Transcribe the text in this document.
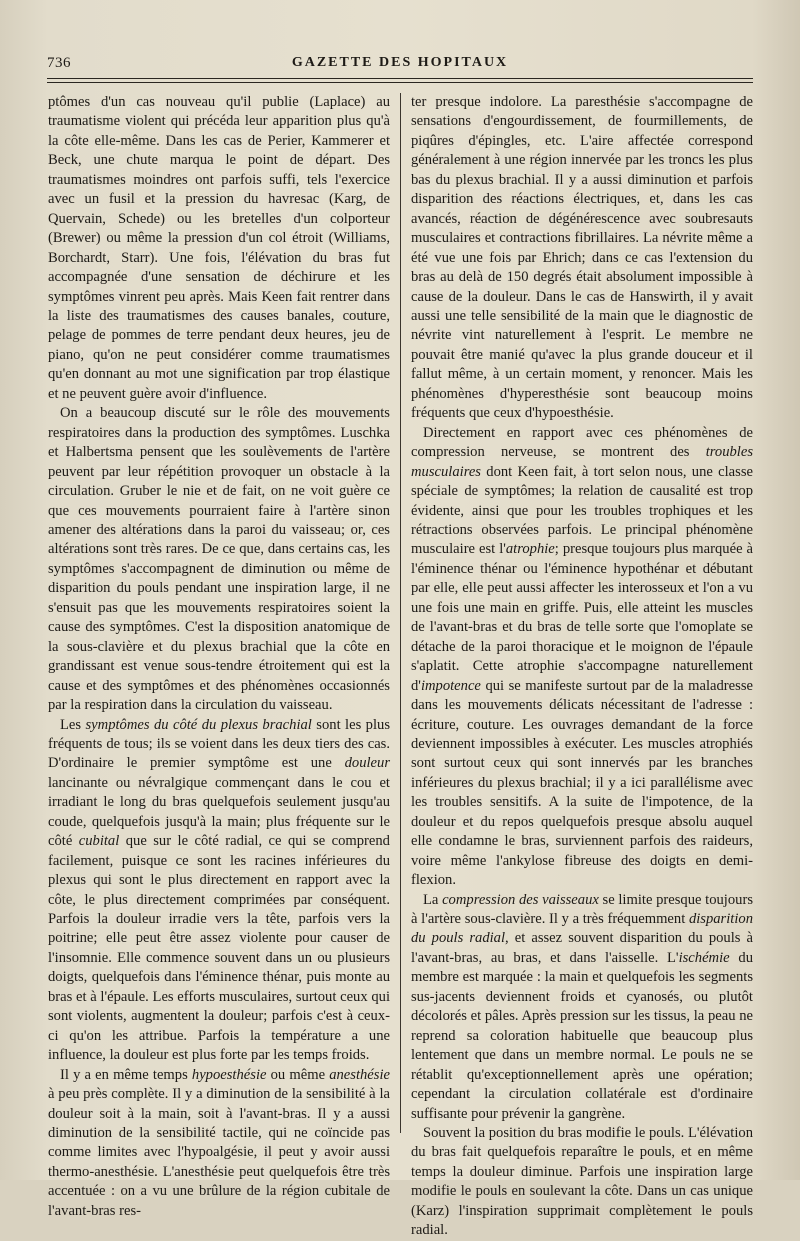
736	GAZETTE DES HOPITAUX

ptômes d'un cas nouveau qu'il publie (Laplace) au traumatisme violent qui précéda leur apparition plus qu'à la côte elle-même. Dans les cas de Perier, Kammerer et Beck, une chute marqua le point de départ. Des traumatismes moindres ont parfois suffi, tels l'exercice avec un fusil et la pression du havresac (Karg, de Quervain, Schede) ou les bretelles d'un colporteur (Brewer) ou même la pression d'un col étroit (Williams, Borchardt, Starr). Une fois, l'élévation du bras fut accompagnée d'une sensation de déchirure et les symptômes vinrent peu après. Mais Keen fait rentrer dans la liste des traumatismes des causes banales, couture, pelage de pommes de terre pendant deux heures, jeu de piano, qu'on ne peut considérer comme traumatismes qu'en donnant au mot une signification par trop élastique et ne peuvent guère avoir d'influence.

On a beaucoup discuté sur le rôle des mouvements respiratoires dans la production des symptômes. Luschka et Halbertsma pensent que les soulèvements de l'artère peuvent par leur répétition provoquer un obstacle à la circulation. Gruber le nie et de fait, on ne voit guère ce que ces mouvements pourraient faire à l'artère sinon amener des altérations dans la paroi du vaisseau; or, ces altérations sont très rares. De ce que, dans certains cas, les symptômes s'accompagnent de diminution ou même de disparition du pouls pendant une inspiration large, il ne s'ensuit pas que les mouvements respiratoires soient la cause des symptômes. C'est la disposition anatomique de la sous-clavière et du plexus brachial que la côte en grandissant est venue sous-tendre étroitement qui est la cause et des symptômes et des phénomènes occasionnés par la respiration dans la circulation du vaisseau.

Les symptômes du côté du plexus brachial sont les plus fréquents de tous; ils se voient dans les deux tiers des cas. D'ordinaire le premier symptôme est une douleur lancinante ou névralgique commençant dans le cou et irradiant le long du bras quelquefois seulement jusqu'au coude, quelquefois jusqu'à la main; plus fréquente sur le côté cubital que sur le côté radial, ce qui se comprend facilement, puisque ce sont les racines inférieures du plexus qui sont le plus directement en rapport avec la côte, le plus directement comprimées par conséquent. Parfois la douleur irradie vers la tête, parfois vers la poitrine; elle peut être assez violente pour causer de l'insomnie. Elle commence souvent dans un ou plusieurs doigts, quelquefois dans l'éminence thénar, puis monte au bras et à l'épaule. Les efforts musculaires, surtout ceux qui sont violents, augmentent la douleur; parfois c'est à ceux-ci qu'on les attribue. Parfois la température a une influence, la douleur est plus forte par les temps froids.

Il y a en même temps hypoesthésie ou même anesthésie à peu près complète. Il y a diminution de la sensibilité à la douleur soit à la main, soit à l'avant-bras. Il y a aussi diminution de la sensibilité tactile, qui ne coïncide pas comme limites avec l'hypoalgésie, il peut y avoir aussi thermo-anesthésie. L'anesthésie peut quelquefois être très accentuée : on a vu une brûlure de la région cubitale de l'avant-bras res-

ter presque indolore. La paresthésie s'accompagne de sensations d'engourdissement, de fourmillements, de piqûres d'épingles, etc. L'aire affectée correspond généralement à une région innervée par les troncs les plus bas du plexus brachial. Il y a aussi diminution et parfois disparition des réactions électriques, et, dans les cas avancés, réaction de dégénérescence avec soubresauts musculaires et contractions fibrillaires. La névrite même a été vue une fois par Ehrich; dans ce cas l'extension du bras au delà de 150 degrés était absolument impossible à cause de la douleur. Dans le cas de Hanswirth, il y avait aussi une telle sensibilité de la main que le diagnostic de névrite vint naturellement à l'esprit. Le membre ne pouvait être manié qu'avec la plus grande douceur et il fallut même, à un certain moment, y renoncer. Mais les phénomènes d'hyperesthésie sont beaucoup moins fréquents que ceux d'hypoesthésie.

Directement en rapport avec ces phénomènes de compression nerveuse, se montrent des troubles musculaires dont Keen fait, à tort selon nous, une classe spéciale de symptômes; la relation de causalité est trop évidente, ainsi que pour les troubles trophiques et les rétractions observées parfois. Le principal phénomène musculaire est l'atrophie; presque toujours plus marquée à l'éminence thénar ou l'éminence hypothénar et débutant par elle, elle peut aussi affecter les interosseux et l'on a vu une fois une main en griffe. Puis, elle atteint les muscles de l'avant-bras et du bras de telle sorte que l'omoplate se détache de la paroi thoracique et le moignon de l'épaule s'aplatit. Cette atrophie s'accompagne naturellement d'impotence qui se manifeste surtout par de la maladresse dans les mouvements délicats nécessitant de l'adresse : écriture, couture. Les ouvrages demandant de la force deviennent impossibles à exécuter. Les muscles atrophiés sont surtout ceux qui sont innervés par les branches inférieures du plexus brachial; il y a ici parallélisme avec les troubles sensitifs. A la suite de l'impotence, de la douleur et du repos quelquefois presque absolu auquel elle condamne le bras, surviennent parfois des raideurs, voire même l'ankylose fibreuse des doigts en demi-flexion.

La compression des vaisseaux se limite presque toujours à l'artère sous-clavière. Il y a très fréquemment disparition du pouls radial, et assez souvent disparition du pouls à l'avant-bras, au bras, et dans l'aisselle. L'ischémie du membre est marquée : la main et quelquefois les segments sus-jacents deviennent froids et cyanosés, ou plutôt décolorés et pâles. Après pression sur les tissus, la peau ne reprend sa coloration habituelle que beaucoup plus lentement que dans un membre normal. Le pouls ne se rétablit qu'exceptionnellement après une opération; cependant la circulation collatérale est d'ordinaire suffisante pour prévenir la gangrène.

Souvent la position du bras modifie le pouls. L'élévation du bras fait quelquefois reparaître le pouls, et en même temps la douleur diminue. Parfois une inspiration large modifie le pouls en soulevant la côte. Dans un cas unique (Karz) l'inspiration supprimait complètement le pouls radial.
